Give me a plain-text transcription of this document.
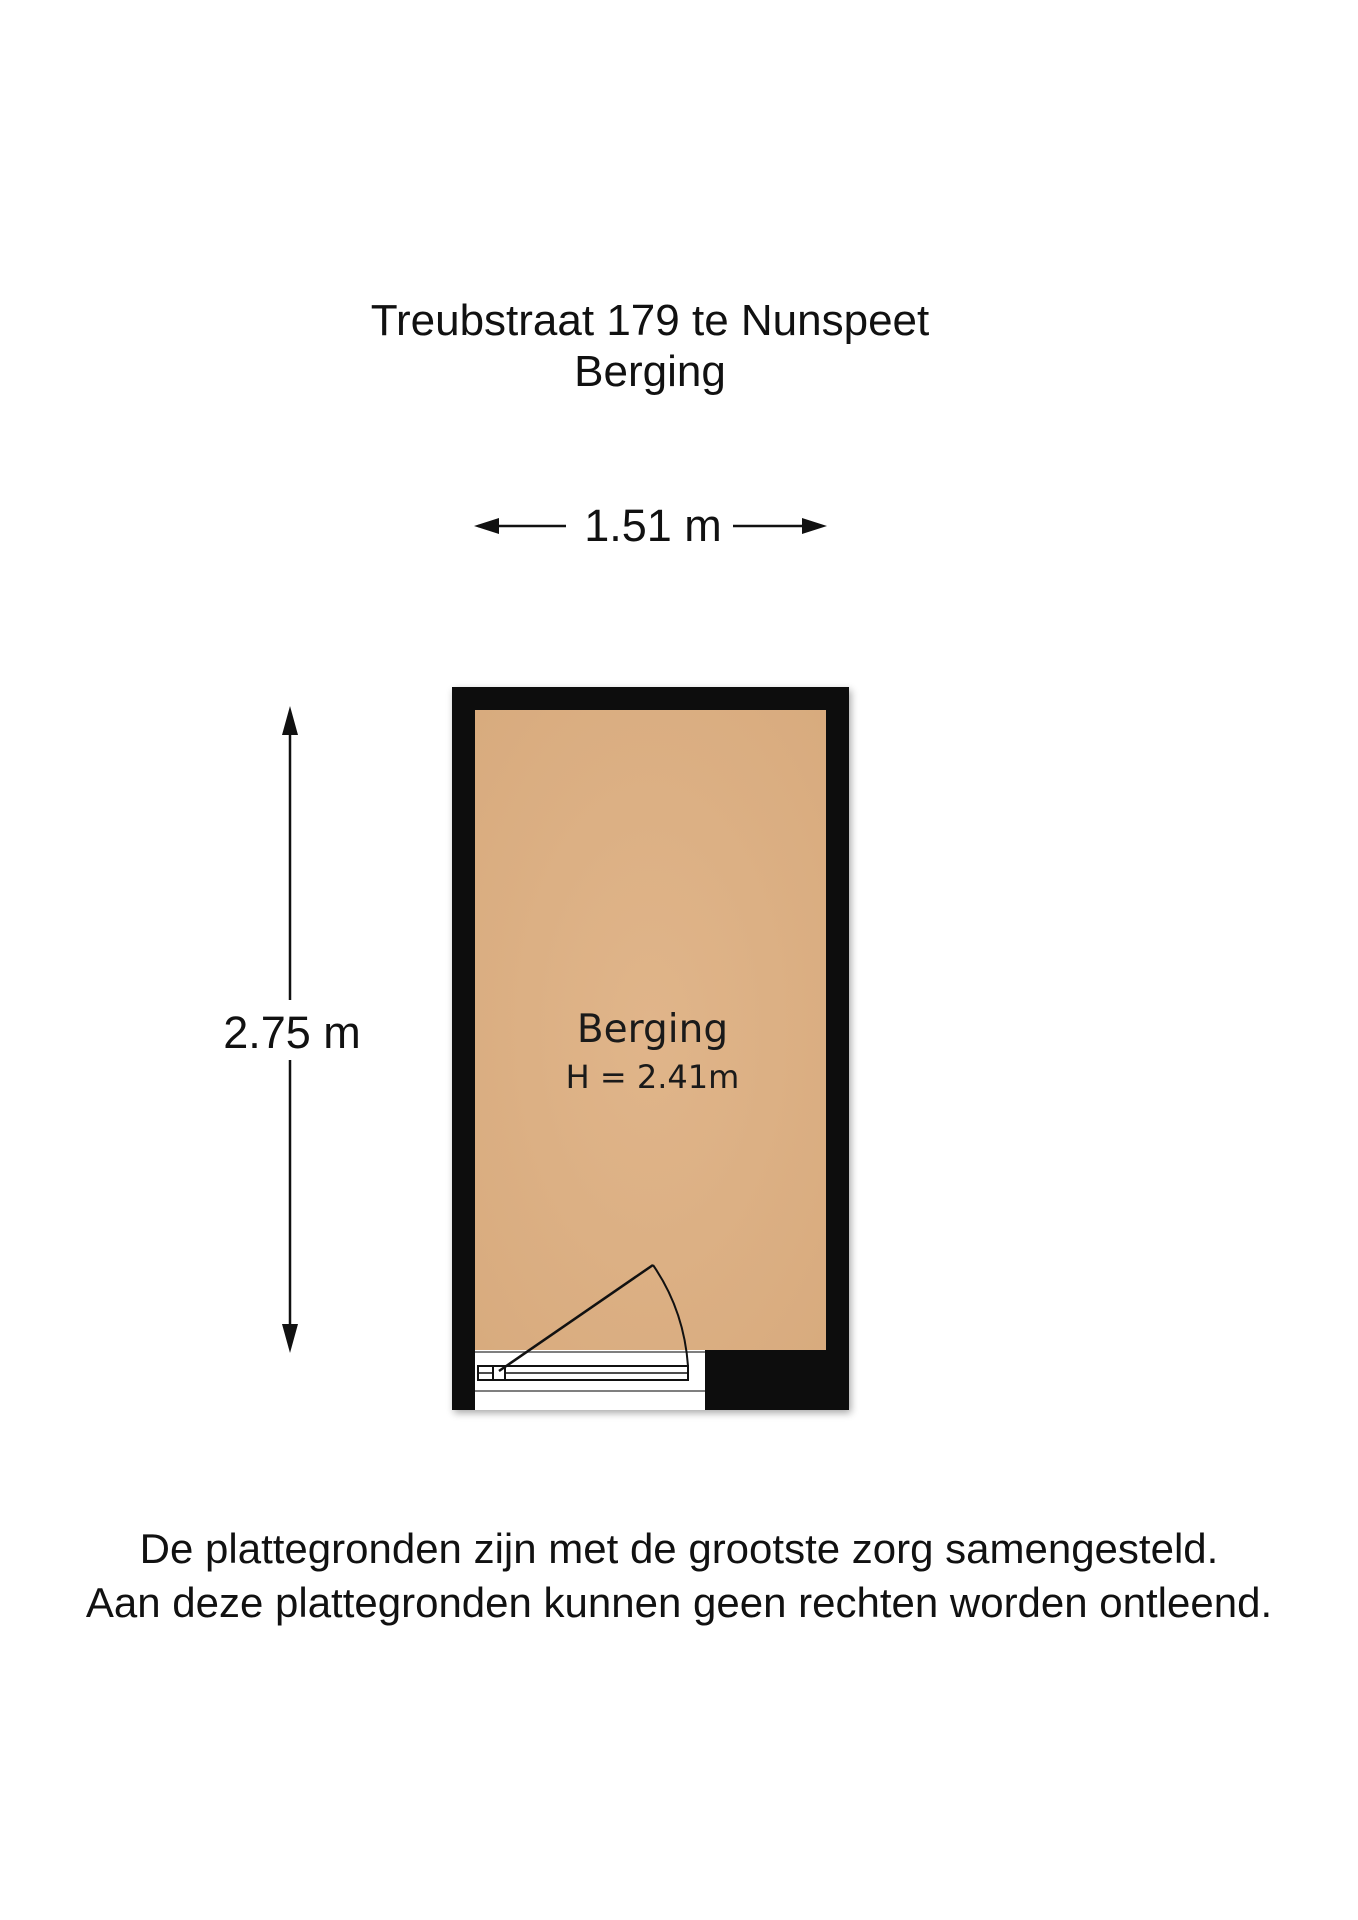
Treubstraat 179 te Nunspeet
Berging
1.51 m
2.75 m	Berging
H = 2.41m
De plattegronden zijn met de grootste zorg samengesteld.
Aan deze plattegronden kunnen geen rechten worden ontleend.
